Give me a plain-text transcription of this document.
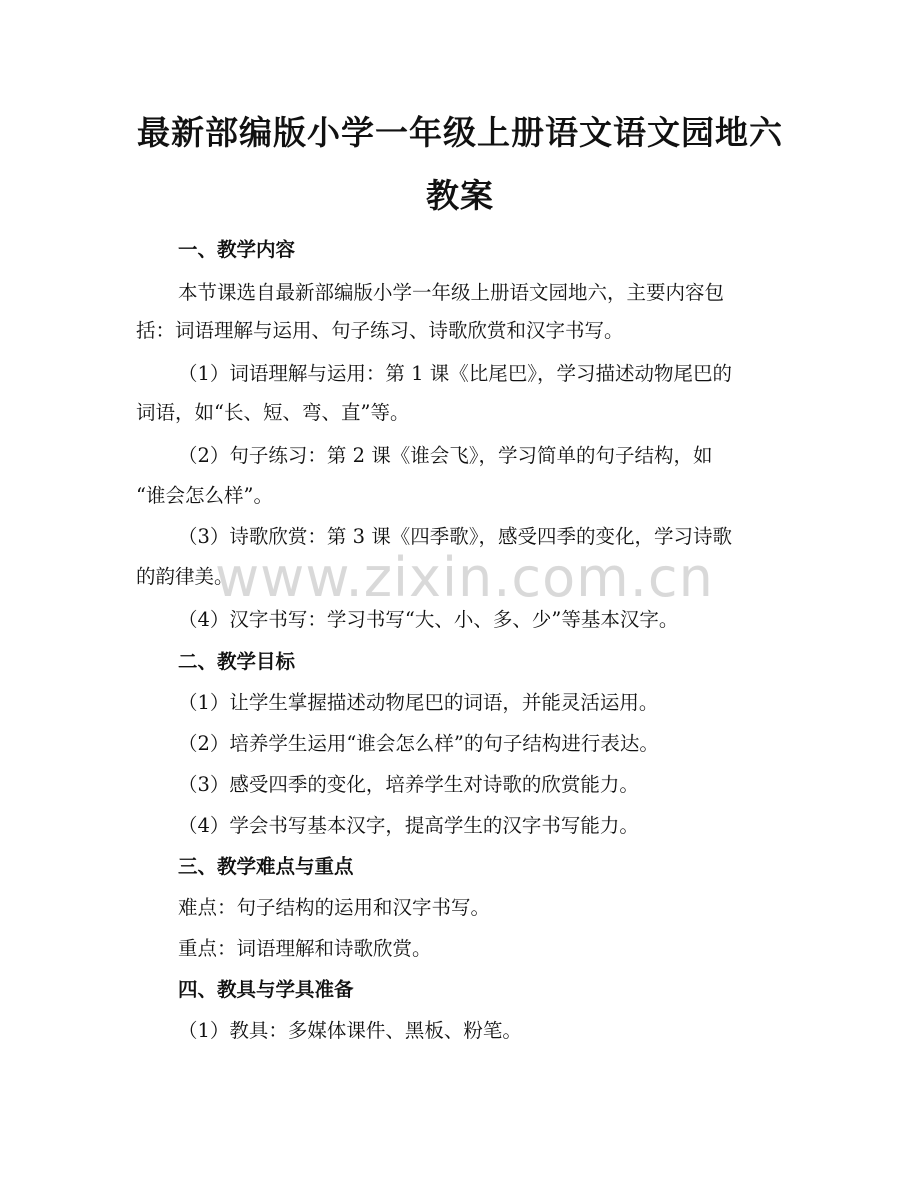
最新部编版小学一年级上册语文语文园地六
教案
一、教学内容
本节课选自最新部编版小学一年级上册语文园地六，主要内容包
括：词语理解与运用、句子练习、诗歌欣赏和汉字书写。
（1）词语理解与运用：第 1 课《比尾巴》，学习描述动物尾巴的
词语，如“长、短、弯、直”等。
（2）句子练习：第 2 课《谁会飞》，学习简单的句子结构，如
“谁会怎么样”。
（3）诗歌欣赏：第 3 课《四季歌》，感受四季的变化，学习诗歌
的韵律美。
（4）汉字书写：学习书写“大、小、多、少”等基本汉字。
二、教学目标
（1）让学生掌握描述动物尾巴的词语，并能灵活运用。
（2）培养学生运用“谁会怎么样”的句子结构进行表达。
（3）感受四季的变化，培养学生对诗歌的欣赏能力。
（4）学会书写基本汉字，提高学生的汉字书写能力。
三、教学难点与重点
难点：句子结构的运用和汉字书写。
重点：词语理解和诗歌欣赏。
四、教具与学具准备
（1）教具：多媒体课件、黑板、粉笔。
www.zixin.com.cn
